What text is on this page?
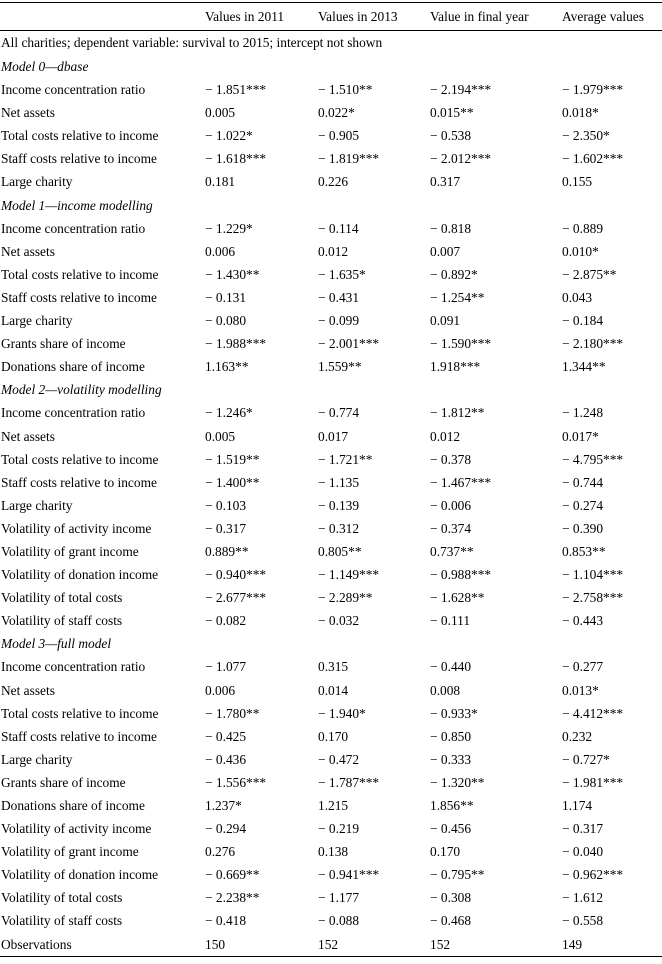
	Values in 2011	Values in 2013	Value in final year	Average values
All charities; dependent variable: survival to 2015; intercept not shown				
Model 0—dbase				
Income concentration ratio	− 1.851***	− 1.510**	− 2.194***	− 1.979***
Net assets	0.005	0.022*	0.015**	0.018*
Total costs relative to income	− 1.022*	− 0.905	− 0.538	− 2.350*
Staff costs relative to income	− 1.618***	− 1.819***	− 2.012***	− 1.602***
Large charity	0.181	0.226	0.317	0.155
Model 1—income modelling				
Income concentration ratio	− 1.229*	− 0.114	− 0.818	− 0.889
Net assets	0.006	0.012	0.007	0.010*
Total costs relative to income	− 1.430**	− 1.635*	− 0.892*	− 2.875**
Staff costs relative to income	− 0.131	− 0.431	− 1.254**	0.043
Large charity	− 0.080	− 0.099	0.091	− 0.184
Grants share of income	− 1.988***	− 2.001***	− 1.590***	− 2.180***
Donations share of income	1.163**	1.559**	1.918***	1.344**
Model 2—volatility modelling				
Income concentration ratio	− 1.246*	− 0.774	− 1.812**	− 1.248
Net assets	0.005	0.017	0.012	0.017*
Total costs relative to income	− 1.519**	− 1.721**	− 0.378	− 4.795***
Staff costs relative to income	− 1.400**	− 1.135	− 1.467***	− 0.744
Large charity	− 0.103	− 0.139	− 0.006	− 0.274
Volatility of activity income	− 0.317	− 0.312	− 0.374	− 0.390
Volatility of grant income	0.889**	0.805**	0.737**	0.853**
Volatility of donation income	− 0.940***	− 1.149***	− 0.988***	− 1.104***
Volatility of total costs	− 2.677***	− 2.289**	− 1.628**	− 2.758***
Volatility of staff costs	− 0.082	− 0.032	− 0.111	− 0.443
Model 3—full model				
Income concentration ratio	− 1.077	0.315	− 0.440	− 0.277
Net assets	0.006	0.014	0.008	0.013*
Total costs relative to income	− 1.780**	− 1.940*	− 0.933*	− 4.412***
Staff costs relative to income	− 0.425	0.170	− 0.850	0.232
Large charity	− 0.436	− 0.472	− 0.333	− 0.727*
Grants share of income	− 1.556***	− 1.787***	− 1.320**	− 1.981***
Donations share of income	1.237*	1.215	1.856**	1.174
Volatility of activity income	− 0.294	− 0.219	− 0.456	− 0.317
Volatility of grant income	0.276	0.138	0.170	− 0.040
Volatility of donation income	− 0.669**	− 0.941***	− 0.795**	− 0.962***
Volatility of total costs	− 2.238**	− 1.177	− 0.308	− 1.612
Volatility of staff costs	− 0.418	− 0.088	− 0.468	− 0.558
Observations	150	152	152	149
